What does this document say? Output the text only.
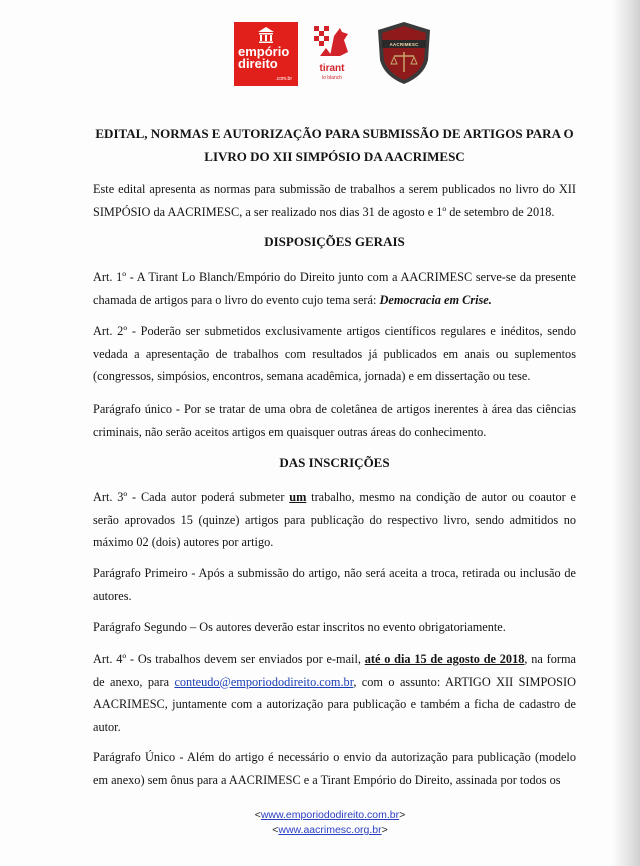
empório
direito
.com.br
tirant
lo blanch
AACRIMESC
EDITAL, NORMAS E AUTORIZAÇÃO PARA SUBMISSÃO DE ARTIGOS PARA O
LIVRO DO XII SIMPÓSIO DA AACRIMESC
Este edital apresenta as normas para submissão de trabalhos a serem publicados no livro do XII SIMPÓSIO da AACRIMESC, a ser realizado nos dias 31 de agosto e 1º de setembro de 2018.
DISPOSIÇÕES GERAIS
Art. 1º - A Tirant Lo Blanch/Empório do Direito junto com a AACRIMESC serve-se da presente chamada de artigos para o livro do evento cujo tema será: Democracia em Crise.
Art. 2º - Poderão ser submetidos exclusivamente artigos científicos regulares e inéditos, sendo vedada a apresentação de trabalhos com resultados já publicados em anais ou suplementos (congressos, simpósios, encontros, semana acadêmica, jornada) e em dissertação ou tese.
Parágrafo único - Por se tratar de uma obra de coletânea de artigos inerentes à área das ciências criminais, não serão aceitos artigos em quaisquer outras áreas do conhecimento.
DAS INSCRIÇÕES
Art. 3º - Cada autor poderá submeter um trabalho, mesmo na condição de autor ou coautor e serão aprovados 15 (quinze) artigos para publicação do respectivo livro, sendo admitidos no máximo 02 (dois) autores por artigo.
Parágrafo Primeiro - Após a submissão do artigo, não será aceita a troca, retirada ou inclusão de autores.
Parágrafo Segundo – Os autores deverão estar inscritos no evento obrigatoriamente.
Art. 4º - Os trabalhos devem ser enviados por e-mail, até o dia 15 de agosto de 2018, na forma de anexo, para conteudo@emporiododireito.com.br, com o assunto: ARTIGO XII SIMPOSIO AACRIMESC, juntamente com a autorização para publicação e também a ficha de cadastro de autor.
Parágrafo Único - Além do artigo é necessário o envio da autorização para publicação (modelo em anexo) sem ônus para a AACRIMESC e a Tirant Empório do Direito, assinada por todos os
<www.emporiododireito.com.br>
<www.aacrimesc.org.br>
